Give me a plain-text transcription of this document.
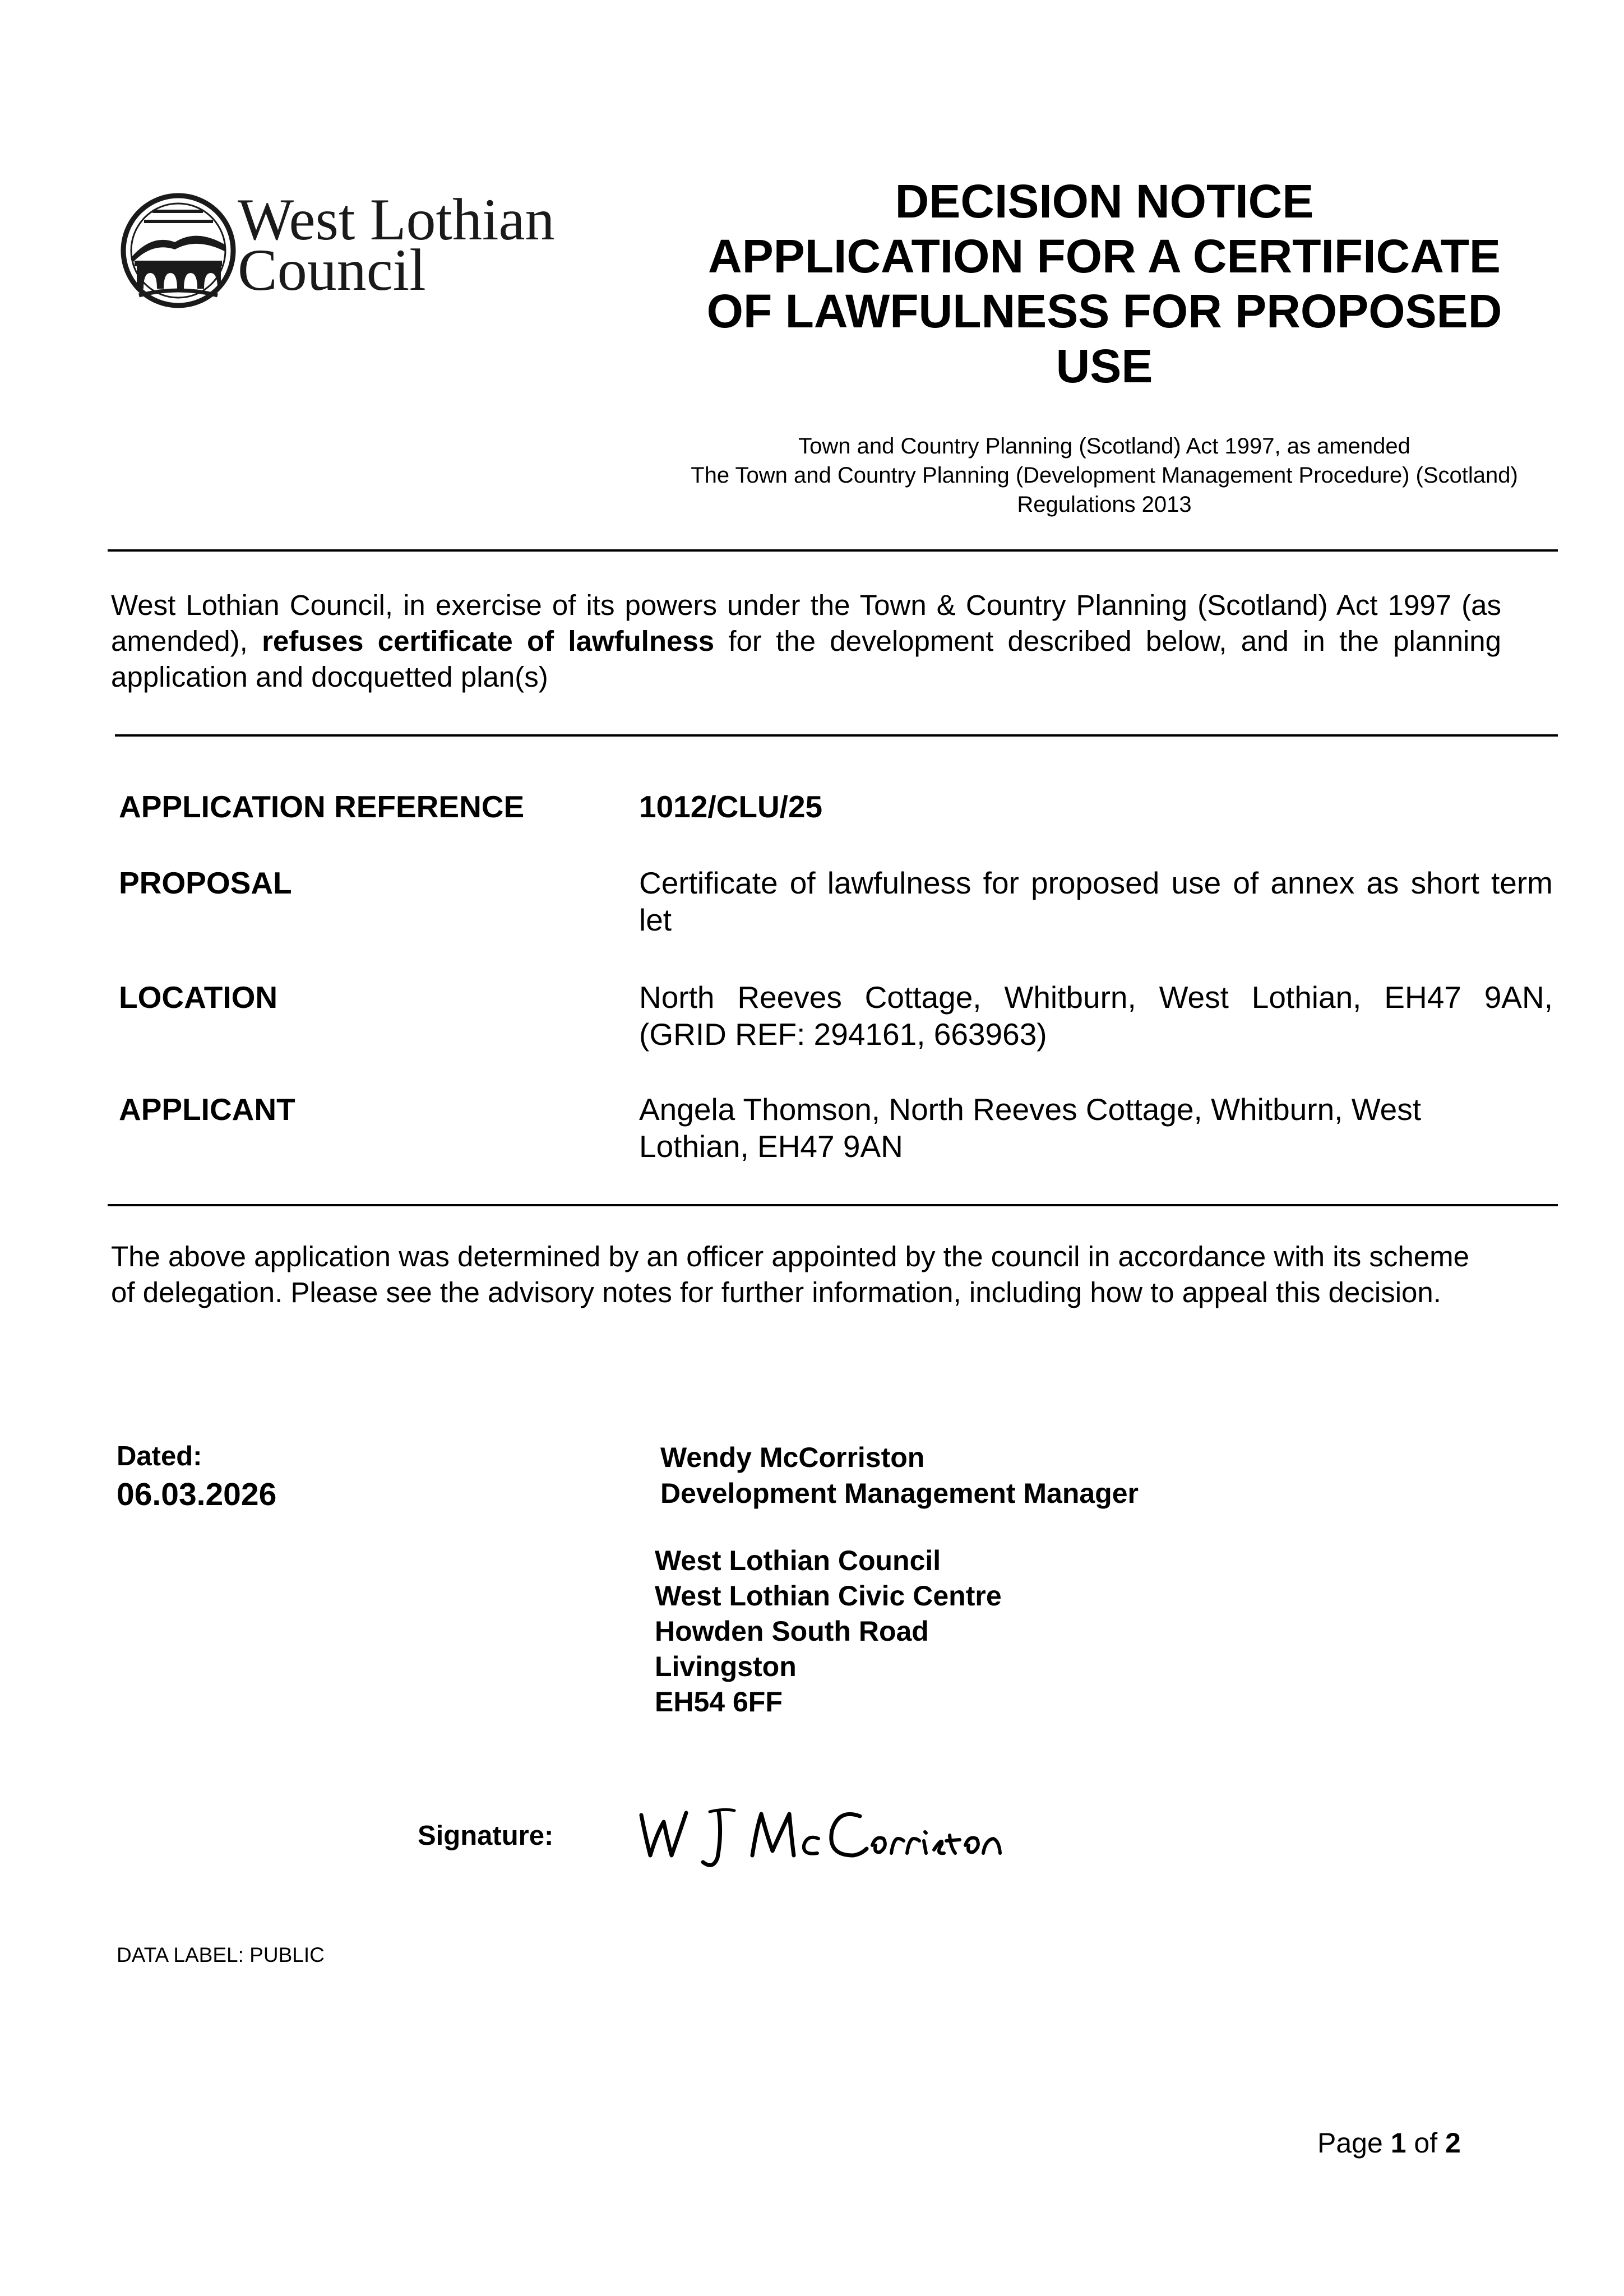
West Lothian
Council
DECISION NOTICE
APPLICATION FOR A CERTIFICATE
OF LAWFULNESS FOR PROPOSED
USE
Town and Country Planning (Scotland) Act 1997, as amended
The Town and Country Planning (Development Management Procedure) (Scotland)
Regulations 2013
West Lothian Council, in exercise of its powers under the Town & Country Planning (Scotland) Act 1997 (as amended), refuses certificate of lawfulness for the development described below, and in the planning application and docquetted plan(s)
APPLICATION REFERENCE	1012/CLU/25
PROPOSAL	Certificate of lawfulness for proposed use of annex as short term let
LOCATION	North Reeves Cottage, Whitburn, West Lothian, EH47 9AN,
(GRID REF: 294161, 663963)
APPLICANT	Angela Thomson, North Reeves Cottage, Whitburn, West
Lothian, EH47 9AN
The above application was determined by an officer appointed by the council in accordance with its scheme
of delegation. Please see the advisory notes for further information, including how to appeal this decision.
Dated:
06.03.2026
Wendy McCorriston
Development Management Manager
West Lothian Council
West Lothian Civic Centre
Howden South Road
Livingston
EH54 6FF
Signature:
DATA LABEL: PUBLIC
Page 1 of 2
